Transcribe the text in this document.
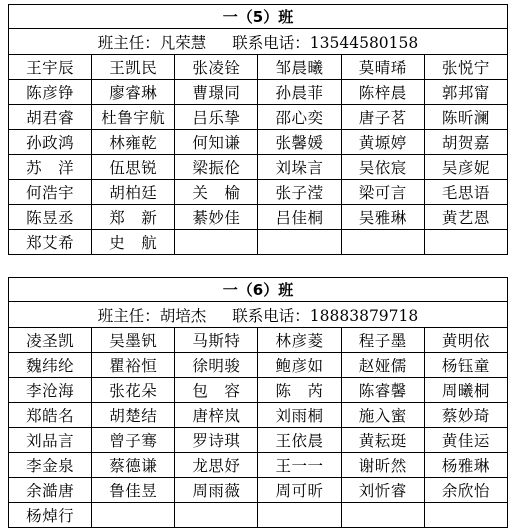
一（5）班					
班主任：凡荣慧 联系电话：13544580158					
王宇辰	王凯民	张凌铨	邹晨曦	莫晴琋	张悦宁
陈彦铮	廖睿琳	曹璟同	孙晨菲	陈梓晨	郭邦甯
胡君睿	杜鲁宇航	吕乐挚	邵心奕	唐子茗	陈昕澜
孙政鸿	林雍乾	何知谦	张馨媛	黄塬婷	胡贺嘉
苏　洋	伍思锐	梁振伦	刘垛言	吴依宸	吴彦妮
何浩宇	胡柏廷	关　榆	张子滢	梁可言	毛思语
陈昱丞	郑　新	綦妙佳	吕佳桐	吴雅琳	黄艺恩
郑艾希	史　航				
一（6）班					
班主任：胡培杰 联系电话：18883879718					
凌圣凯	吴墨钒	马斯特	林彦菱	程子墨	黄明依
魏纬纶	瞿裕恒	徐明骏	鲍彦如	赵娅儒	杨钰童
李沧海	张花朵	包　容	陈　芮	陈睿馨	周曦桐
郑皓名	胡楚结	唐梓岚	刘雨桐	施入蜜	蔡妙琦
刘品言	曾子骞	罗诗琪	王依晨	黄耘珽	黄佳运
李金泉	蔡德谦	龙思妤	王一一	谢昕然	杨雅琳
余澔唐	鲁佳昱	周雨薇	周可昕	刘忻睿	余欣怡
杨焯行					
